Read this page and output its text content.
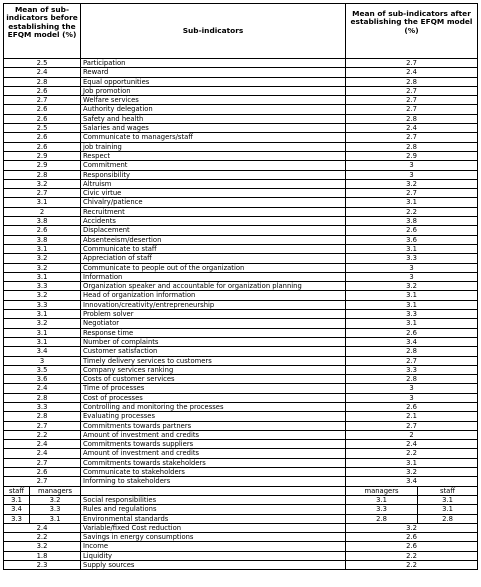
Mean of sub-indicators before establishing the EFQM model (%)		Sub-indicators	Mean of sub-indicators after establishing the EFQM model (%)	
2.5		Participation	2.7	
2.4		Reward	2.4	
2.8		Equal opportunities	2.8	
2.6		Job promotion	2.7	
2.7		Welfare services	2.7	
2.6		Authority delegation	2.7	
2.6		Safety and health	2.8	
2.5		Salaries and wages	2.4	
2.6		Communicate to managers/staff	2.7	
2.6		job training	2.8	
2.9		Respect	2.9	
2.9		Commitment	3	
2.8		Responsibility	3	
3.2		Altruism	3.2	
2.7		Civic virtue	2.7	
3.1		Chivalry/patience	3.1	
2		Recruitment	2.2	
3.8		Accidents	3.8	
2.6		Displacement	2.6	
3.8		Absenteeism/desertion	3.6	
3.1		Communicate to staff	3.1	
3.2		Appreciation of staff	3.3	
3.2		Communicate to people out of the organization	3	
3.1		Information	3	
3.3		Organization speaker and accountable for organization planning	3.2	
3.2		Head of organization information	3.1	
3.3		Innovation/creativity/entrepreneurship	3.1	
3.1		Problem solver	3.3	
3.2		Negotiator	3.1	
3.1		Response time	2.6	
3.1		Number of complaints	3.4	
3.4		Customer satisfaction	2.8	
3		Timely delivery services to customers	2.7	
3.5		Company services ranking	3.3	
3.6		Costs of customer services	2.8	
2.4		Time of processes	3	
2.8		Cost of processes	3	
3.3		Controlling and monitoring the processes	2.6	
2.8		Evaluating processes	2.1	
2.7		Commitments towards partners	2.7	
2.2		Amount of investment and credits	2	
2.4		Commitments towards suppliers	2.4	
2.4		Amount of investment and credits	2.2	
2.7		Commitments towards stakeholders	3.1	
2.6		Communicate to stakeholders	3.2	
2.7		Informing to stakeholders	3.4	
staff	managers		managers	staff
3.1	3.2	Social responsibilities	3.1	3.1
3.4	3.3	Rules and regulations	3.3	3.1
3.3	3.1	Environmental standards	2.8	2.8
2.4		Variable/fixed Cost reduction	3.2	
2.2		Savings in energy consumptions	2.6	
3.2		Income	2.6	
1.8		Liquidity	2.2	
2.3		Supply sources	2.2	
